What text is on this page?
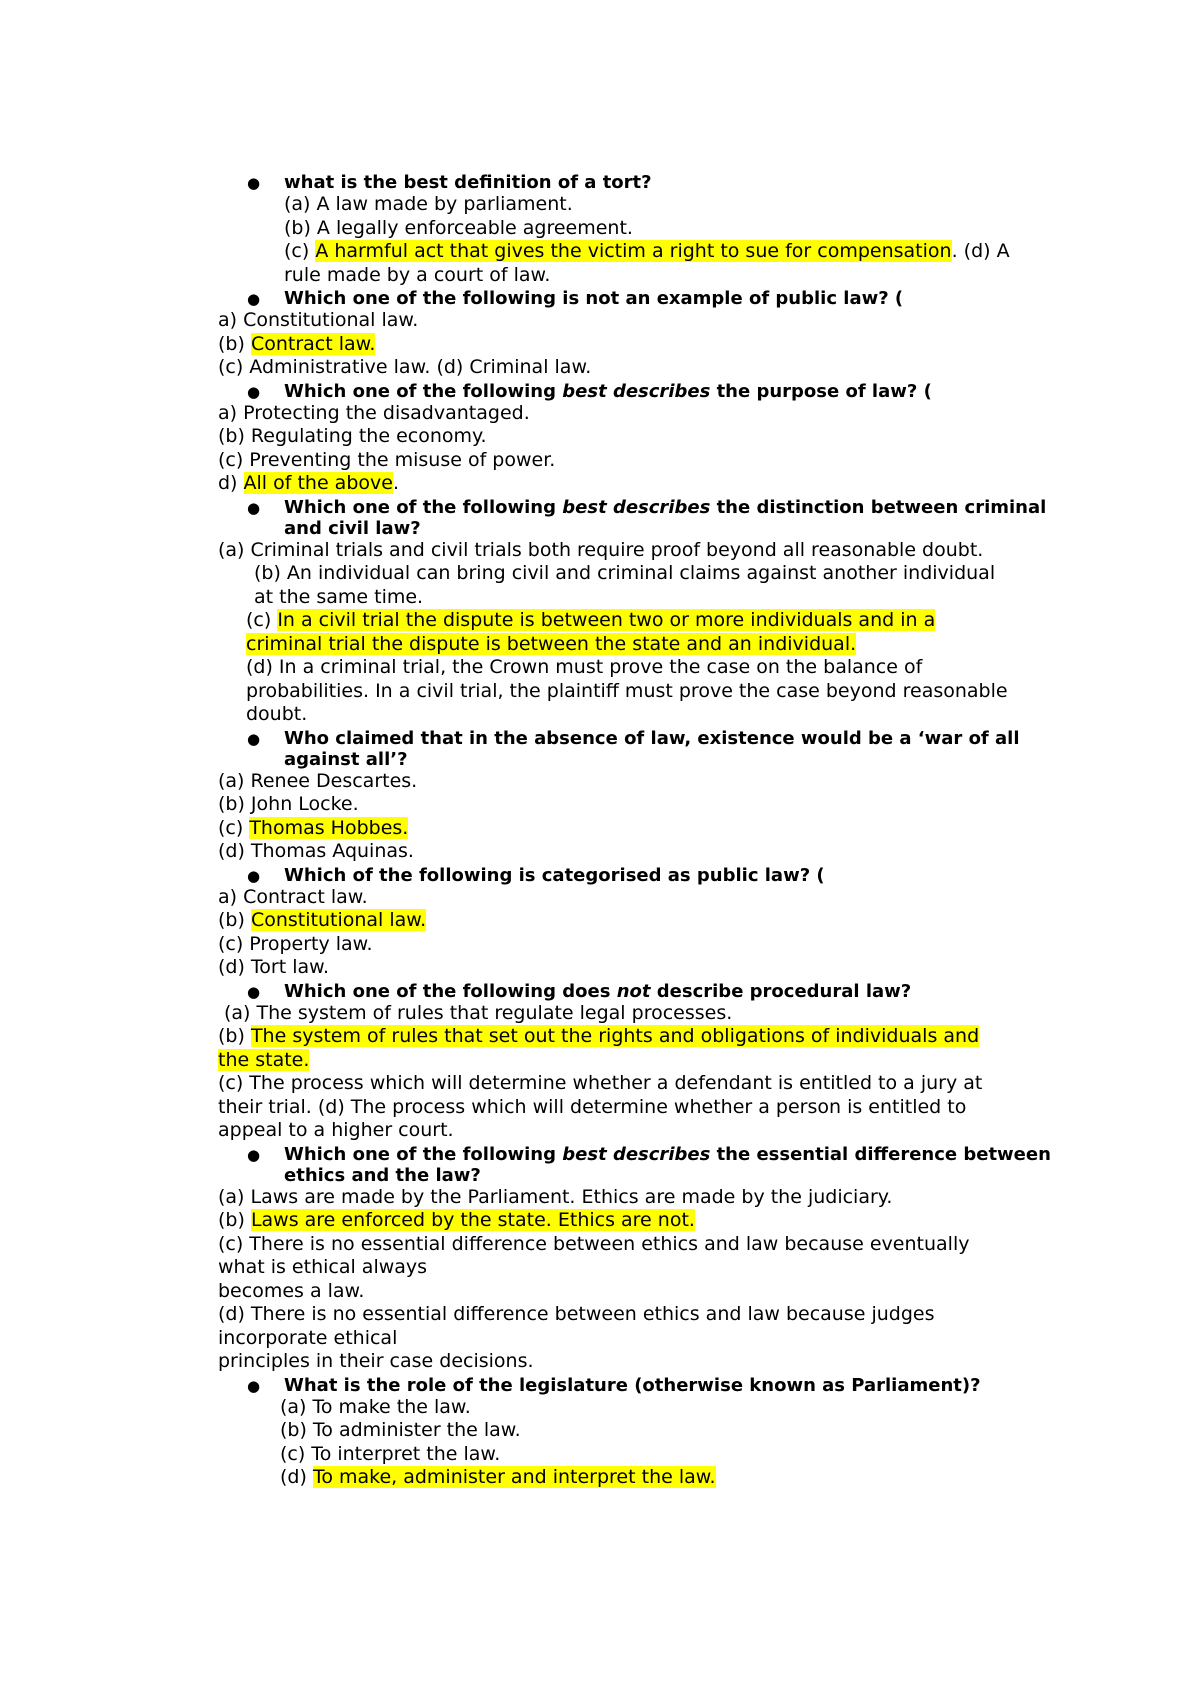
● what is the best definition of a tort?
(a) A law made by parliament.
(b) A legally enforceable agreement.
(c) A harmful act that gives the victim a right to sue for compensation. (d) A
rule made by a court of law.
● Which one of the following is not an example of public law? (
a) Constitutional law.
(b) Contract law.
(c) Administrative law. (d) Criminal law.
● Which one of the following best describes the purpose of law? (
a) Protecting the disadvantaged.
(b) Regulating the economy.
(c) Preventing the misuse of power.
d) All of the above.
● Which one of the following best describes the distinction between criminal and civil law?
(a) Criminal trials and civil trials both require proof beyond all reasonable doubt.
(b) An individual can bring civil and criminal claims against another individual
at the same time.
(c) In a civil trial the dispute is between two or more individuals and in a
criminal trial the dispute is between the state and an individual.
(d) In a criminal trial, the Crown must prove the case on the balance of
probabilities. In a civil trial, the plaintiff must prove the case beyond reasonable
doubt.
● Who claimed that in the absence of law, existence would be a ‘war of all against all’?
(a) Renee Descartes.
(b) John Locke.
(c) Thomas Hobbes.
(d) Thomas Aquinas.
● Which of the following is categorised as public law? (
a) Contract law.
(b) Constitutional law.
(c) Property law.
(d) Tort law.
● Which one of the following does not describe procedural law?
(a) The system of rules that regulate legal processes.
(b) The system of rules that set out the rights and obligations of individuals and
the state.
(c) The process which will determine whether a defendant is entitled to a jury at
their trial. (d) The process which will determine whether a person is entitled to
appeal to a higher court.
● Which one of the following best describes the essential difference between ethics and the law?
(a) Laws are made by the Parliament. Ethics are made by the judiciary.
(b) Laws are enforced by the state. Ethics are not.
(c) There is no essential difference between ethics and law because eventually
what is ethical always
becomes a law.
(d) There is no essential difference between ethics and law because judges
incorporate ethical
principles in their case decisions.
● What is the role of the legislature (otherwise known as Parliament)?
(a) To make the law.
(b) To administer the law.
(c) To interpret the law.
(d) To make, administer and interpret the law.
